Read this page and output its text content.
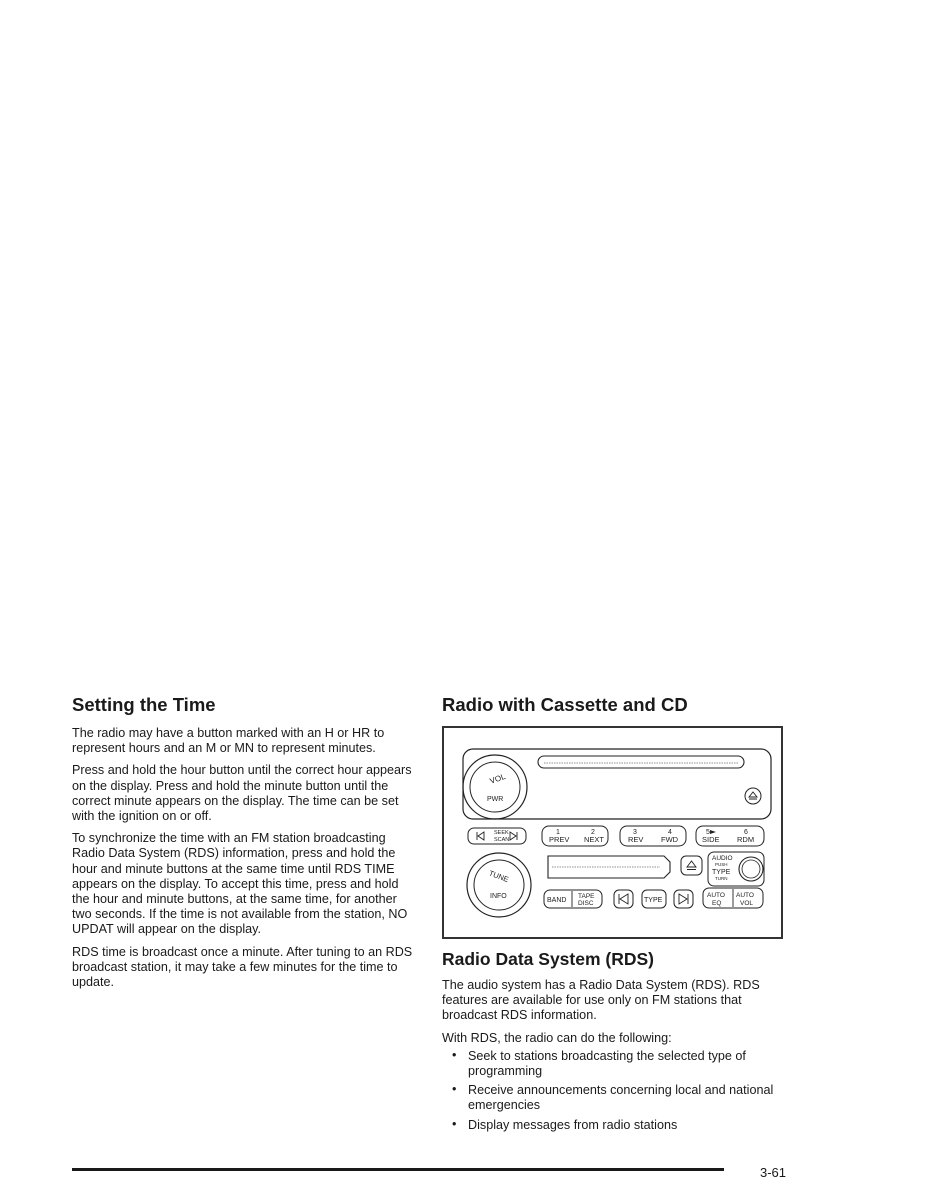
Setting the Time

The radio may have a button marked with an H or HR to represent hours and an M or MN to represent minutes.

Press and hold the hour button until the correct hour appears on the display. Press and hold the minute button until the correct minute appears on the display. The time can be set with the ignition on or off.

To synchronize the time with an FM station broadcasting Radio Data System (RDS) information, press and hold the hour and minute buttons at the same time until RDS TIME appears on the display. To accept this time, press and hold the hour and minute buttons, at the same time, for another two seconds. If the time is not available from the station, NO UPDAT will appear on the display.

RDS time is broadcast once a minute. After tuning to an RDS broadcast station, it may take a few minutes for the time to update.

Radio with Cassette and CD
VOL
PWR
SEEK
SCAN
1
PREV
2
NEXT
3
REV
4
FWD
5
SIDE
6
RDM
TUNE
INFO
AUDIO
PUSH
TYPE
TURN
BAND
TAPE
DISC	TYPE
AUTO
EQ
AUTO
VOL
Radio Data System (RDS)

The audio system has a Radio Data System (RDS). RDS features are available for use only on FM stations that broadcast RDS information.

With RDS, the radio can do the following:

• Seek to stations broadcasting the selected type of programming
• Receive announcements concerning local and national emergencies
• Display messages from radio stations
3-61
